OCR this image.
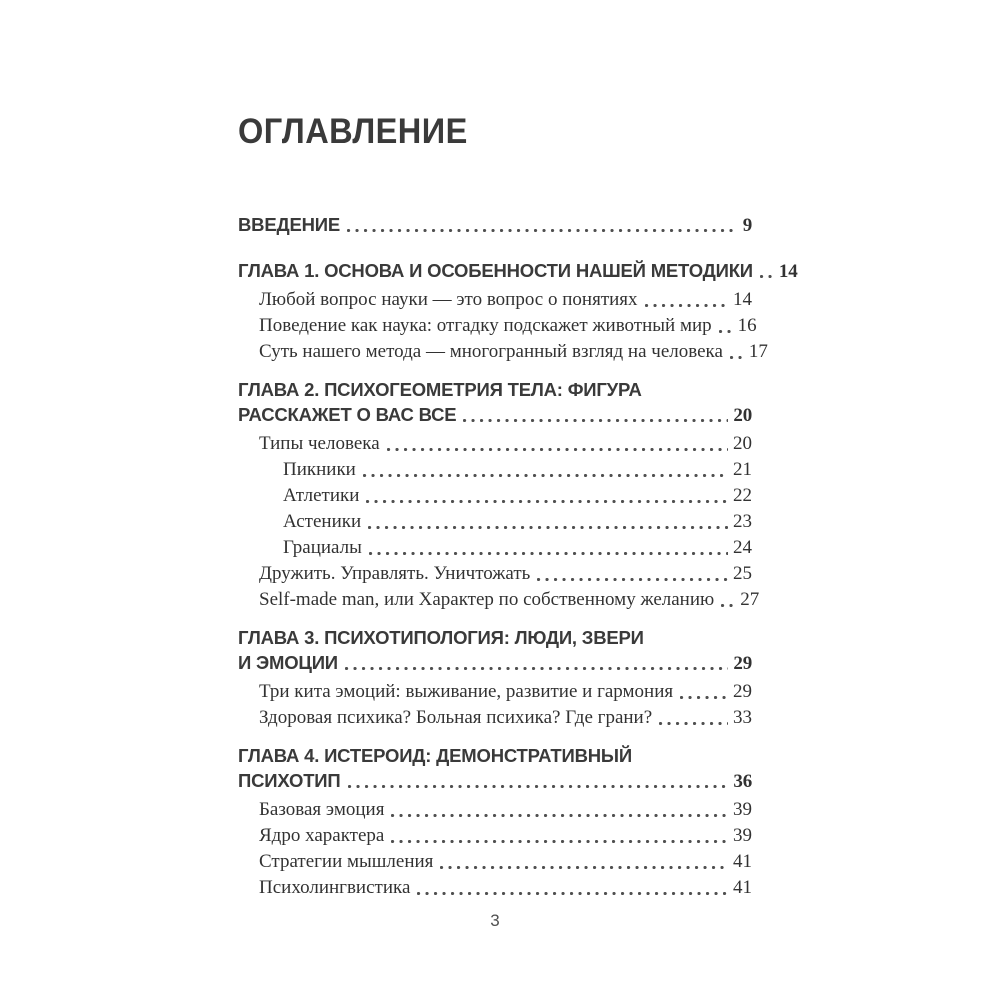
ОГЛАВЛЕНИЕ
ВВЕДЕНИЕ	9
ГЛАВА 1. ОСНОВА И ОСОБЕННОСТИ НАШЕЙ МЕТОДИКИ 14
Любой вопрос науки — это вопрос о понятиях	14
Поведение как наука: отгадку подскажет животный мир 16
Суть нашего метода — многогранный взгляд на человека 17
ГЛАВА 2. ПСИХОГЕОМЕТРИЯ ТЕЛА: ФИГУРА
РАССКАЖЕТ О ВАС ВСЕ	20
Типы человека	20
Пикники	21
Атлетики	22
Астеники	23
Грациалы	24
Дружить. Управлять. Уничтожать	25
Self-made man, или Характер по собственному желанию 27
ГЛАВА 3. ПСИХОТИПОЛОГИЯ: ЛЮДИ, ЗВЕРИ
И ЭМОЦИИ	29
Три кита эмоций: выживание, развитие и гармония	29
Здоровая психика? Больная психика? Где грани?	33
ГЛАВА 4. ИСТЕРОИД: ДЕМОНСТРАТИВНЫЙ
ПСИХОТИП	36
Базовая эмоция	39
Ядро характера	39
Стратегии мышления	41
Психолингвистика	41
3
